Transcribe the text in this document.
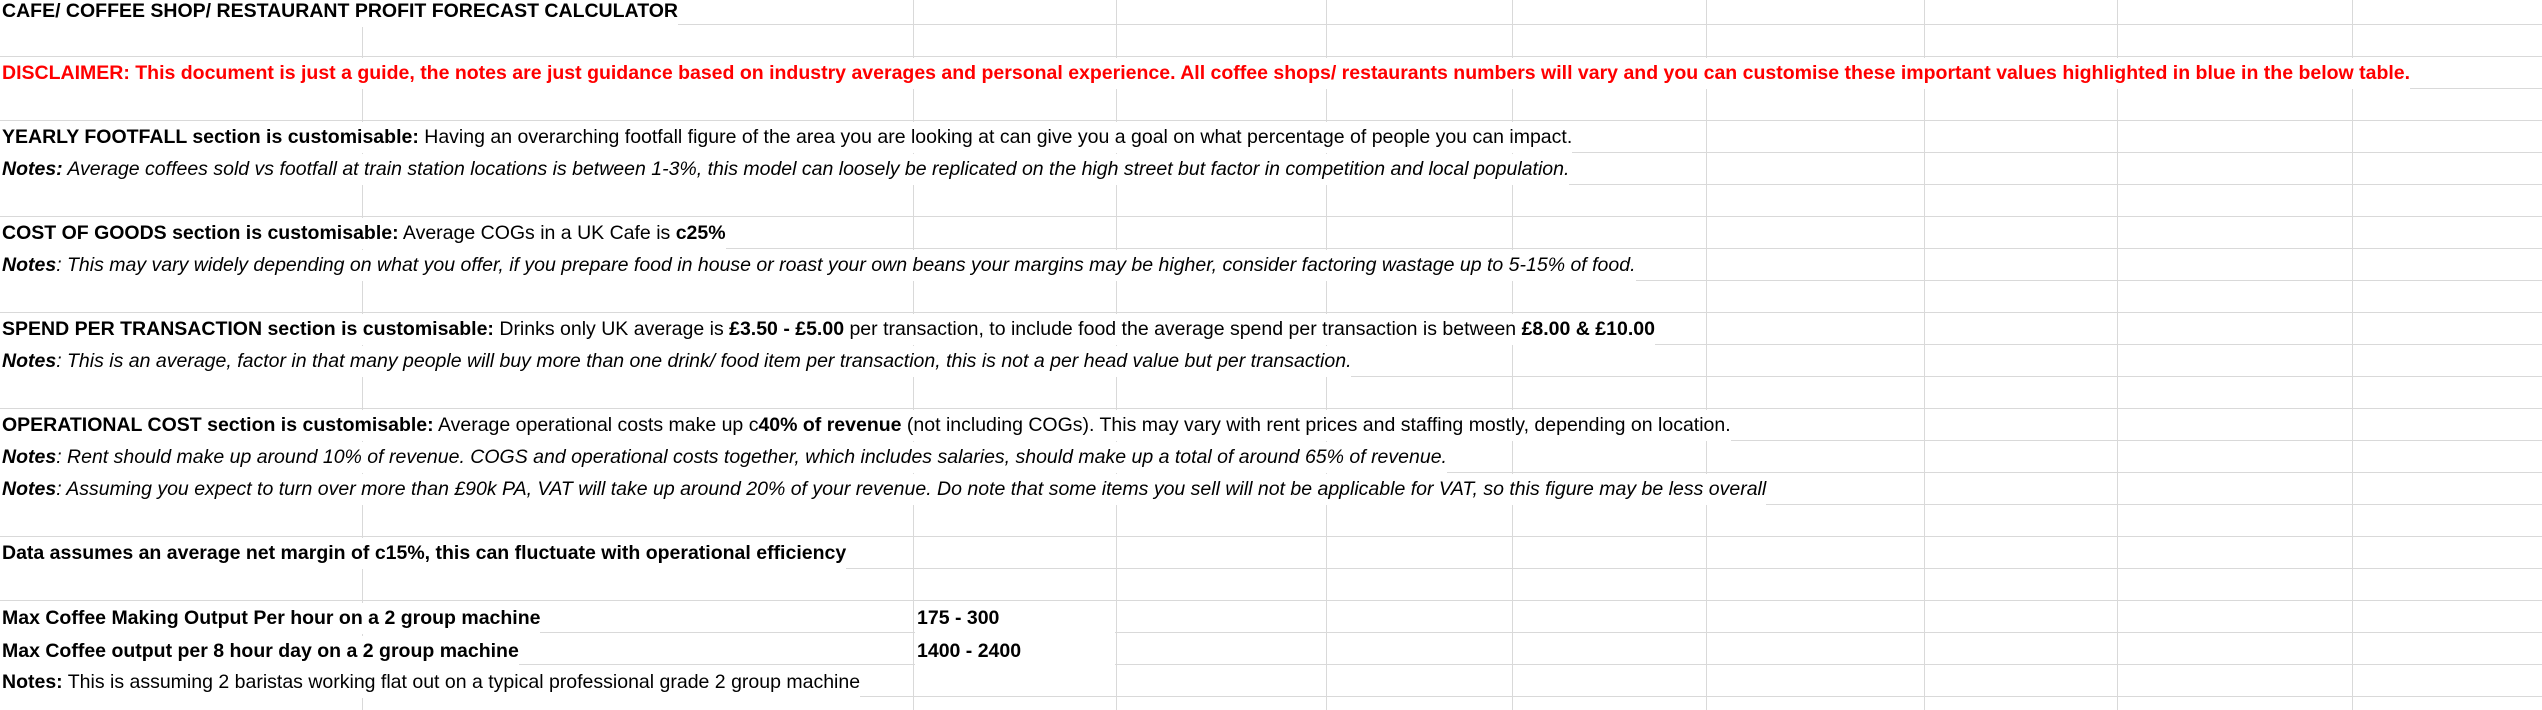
CAFE/ COFFEE SHOP/ RESTAURANT PROFIT FORECAST CALCULATOR
DISCLAIMER: This document is just a guide, the notes are just guidance based on industry averages and personal experience. All coffee shops/ restaurants numbers will vary and you can customise these important values highlighted in blue in the below table.
YEARLY FOOTFALL section is customisable: Having an overarching footfall figure of the area you are looking at can give you a goal on what percentage of people you can impact.
Notes: Average coffees sold vs footfall at train station locations is between 1-3%, this model can loosely be replicated on the high street but factor in competition and local population.
COST OF GOODS section is customisable: Average COGs in a UK Cafe is c25%
Notes: This may vary widely depending on what you offer, if you prepare food in house or roast your own beans your margins may be higher, consider factoring wastage up to 5-15% of food.
SPEND PER TRANSACTION section is customisable: Drinks only UK average is £3.50 - £5.00 per transaction, to include food the average spend per transaction is between £8.00 & £10.00
Notes: This is an average, factor in that many people will buy more than one drink/ food item per transaction, this is not a per head value but per transaction.
OPERATIONAL COST section is customisable: Average operational costs make up c40% of revenue (not including COGs). This may vary with rent prices and staffing mostly, depending on location.
Notes: Rent should make up around 10% of revenue. COGS and operational costs together, which includes salaries, should make up a total of around 65% of revenue.
Notes: Assuming you expect to turn over more than £90k PA, VAT will take up around 20% of your revenue. Do note that some items you sell will not be applicable for VAT, so this figure may be less overall
Data assumes an average net margin of c15%, this can fluctuate with operational efficiency
Max Coffee Making Output Per hour on a 2 group machine	175 - 300
Max Coffee output per 8 hour day on a 2 group machine	1400 - 2400
Notes: This is assuming 2 baristas working flat out on a typical professional grade 2 group machine
